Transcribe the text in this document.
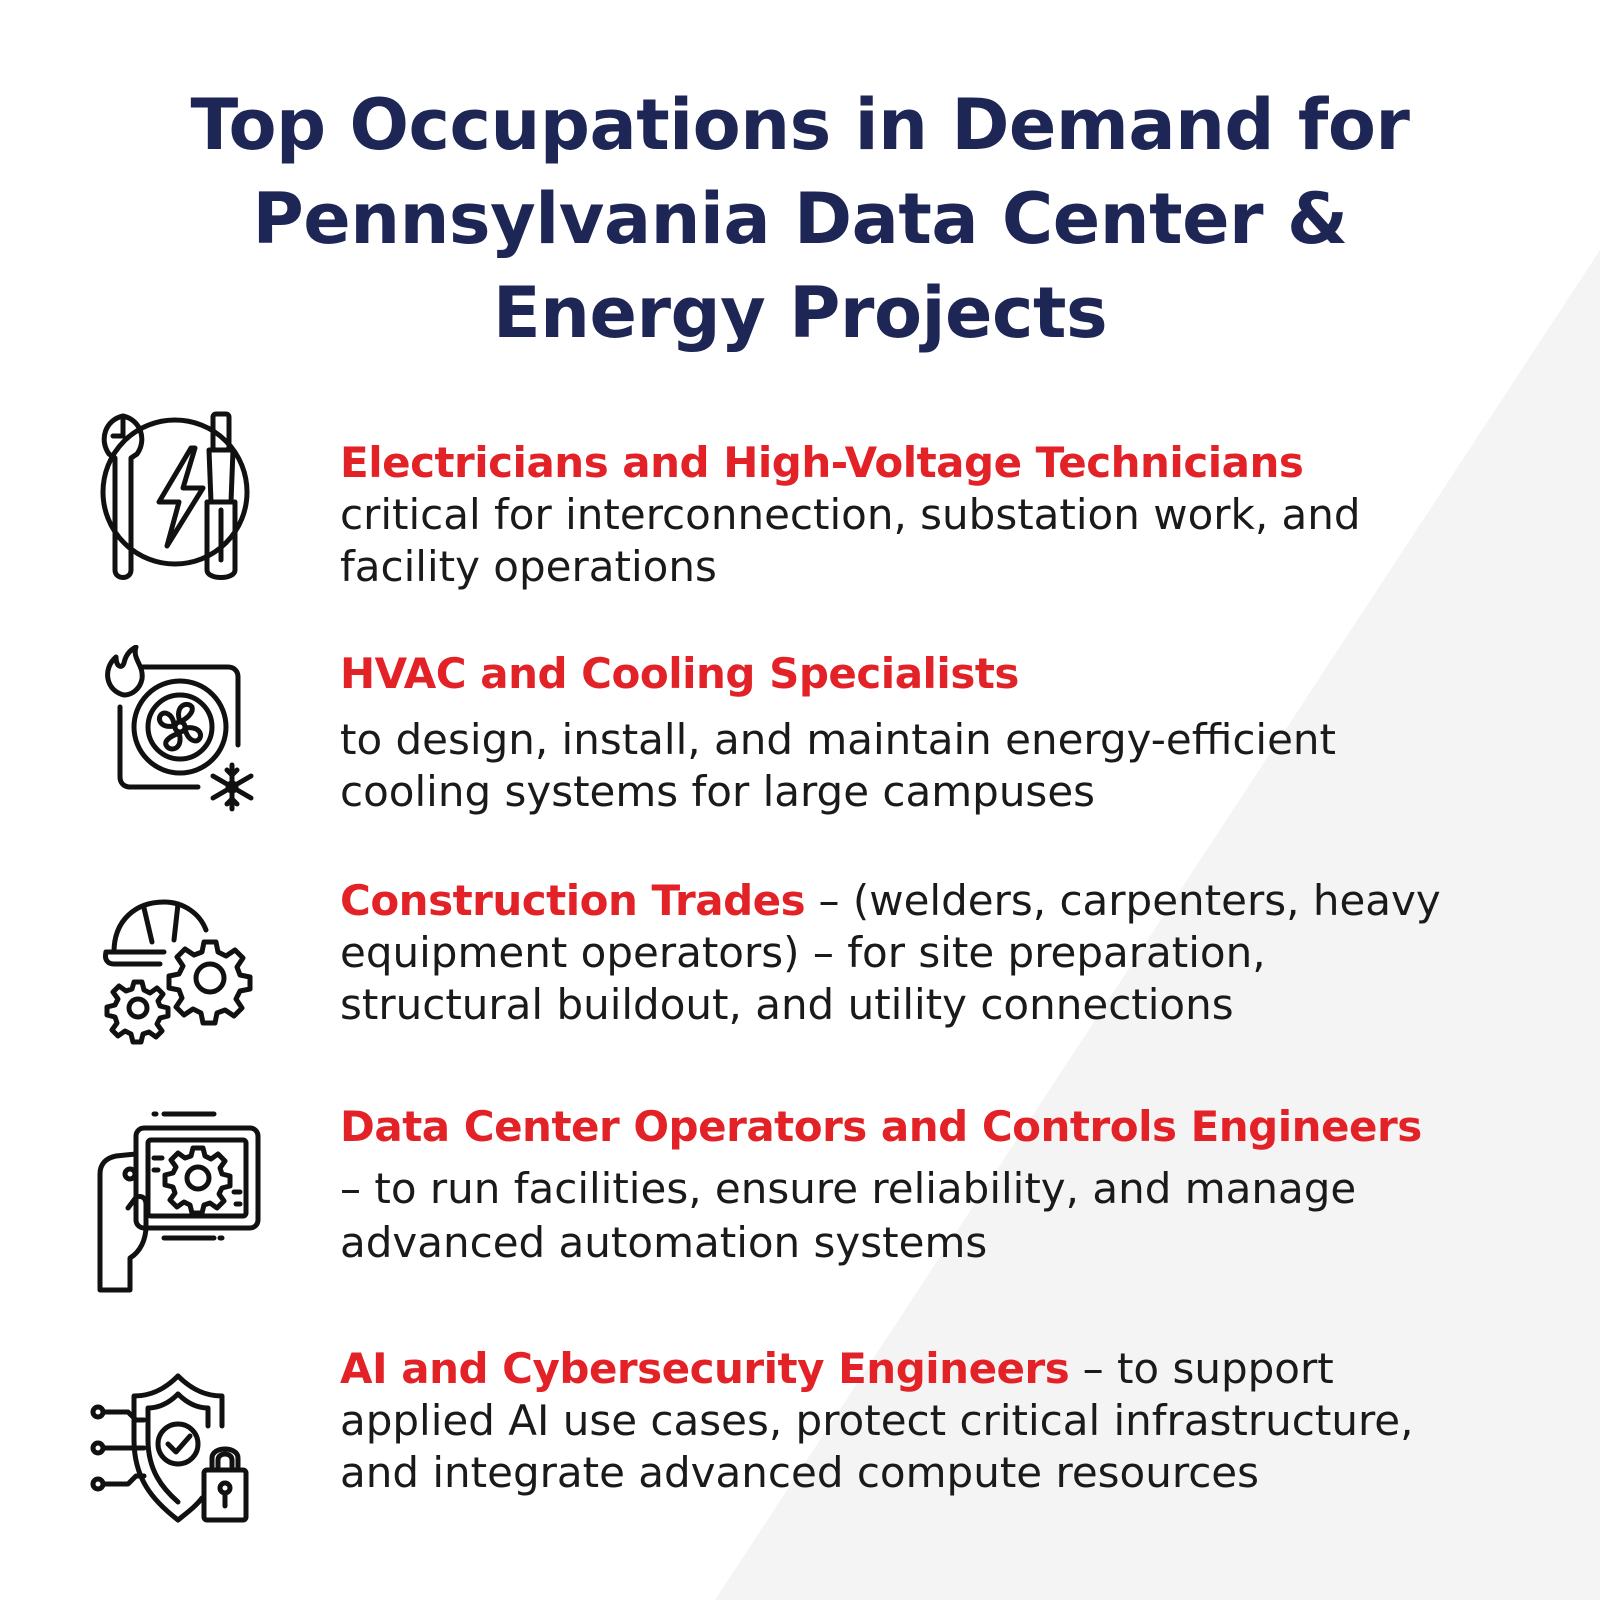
Top Occupations in Demand for
Pennsylvania Data Center &
Energy Projects

Electricians and High-Voltage Technicians
critical for interconnection, substation work, and
facility operations

HVAC and Cooling Specialists
to design, install, and maintain energy-efficient
cooling systems for large campuses

Construction Trades – (welders, carpenters, heavy
equipment operators) – for site preparation,
structural buildout, and utility connections

Data Center Operators and Controls Engineers
– to run facilities, ensure reliability, and manage
advanced automation systems

AI and Cybersecurity Engineers – to support
applied AI use cases, protect critical infrastructure,
and integrate advanced compute resources
